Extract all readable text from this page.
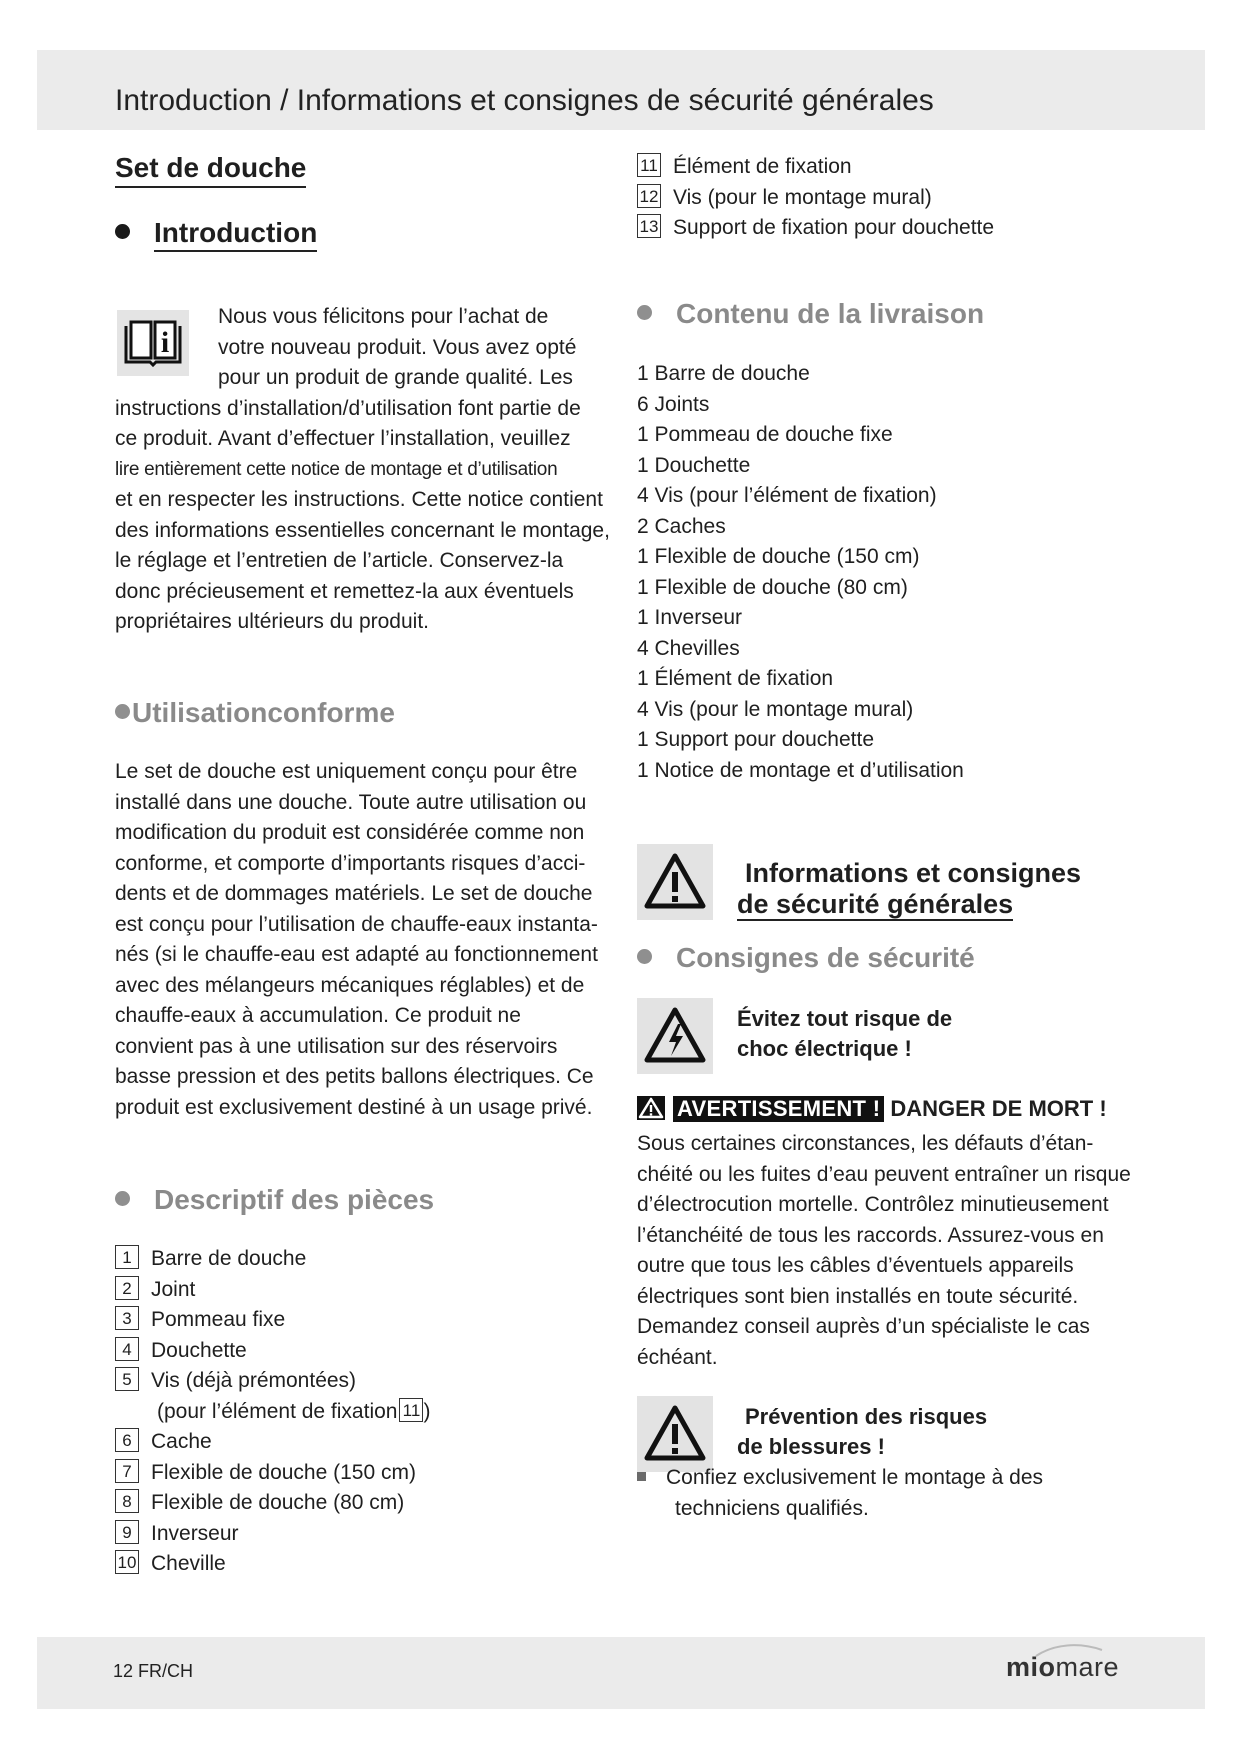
Introduction / Informations et consignes de sécurité générales
Set de douche
Introduction
i
Nous vous félicitons pour l’achat de
votre nouveau produit. Vous avez opté
pour un produit de grande qualité. Les
instructions d’installation/d’utilisation font partie de
ce produit. Avant d’effectuer l’installation, veuillez
lire entièrement cette notice de montage et d’utilisation
et en respecter les instructions. Cette notice contient
des informations essentielles concernant le montage,
le réglage et l’entretien de l’article. Conservez-la
donc précieusement et remettez-la aux éventuels
propriétaires ultérieurs du produit.
Utilisationconforme
Le set de douche est uniquement conçu pour être
installé dans une douche. Toute autre utilisation ou
modification du produit est considérée comme non
conforme, et comporte d’importants risques d’acci-
dents et de dommages matériels. Le set de douche
est conçu pour l’utilisation de chauffe-eaux instanta-
nés (si le chauffe-eau est adapté au fonctionnement
avec des mélangeurs mécaniques réglables) et de
chauffe-eaux à accumulation. Ce produit ne
convient pas à une utilisation sur des réservoirs
basse pression et des petits ballons électriques. Ce
produit est exclusivement destiné à un usage privé.
Descriptif des pièces
1 Barre de douche
2 Joint
3 Pommeau fixe
4 Douchette
5 Vis (déjà prémontées)
(pour l’élément de fixation 11 )
6 Cache
7 Flexible de douche (150 cm)
8 Flexible de douche (80 cm)
9 Inverseur
10 Cheville
11 Élément de fixation
12 Vis (pour le montage mural)
13 Support de fixation pour douchette
Contenu de la livraison
1 Barre de douche
6 Joints
1 Pommeau de douche fixe
1 Douchette
4 Vis (pour l’élément de fixation)
2 Caches
1 Flexible de douche (150 cm)
1 Flexible de douche (80 cm)
1 Inverseur
4 Chevilles
1 Élément de fixation
4 Vis (pour le montage mural)
1 Support pour douchette
1 Notice de montage et d’utilisation
Informations et consignes
de sécurité générales
Consignes de sécurité
Évitez tout risque de
choc électrique !
AVERTISSEMENT ! DANGER DE MORT !
Sous certaines circonstances, les défauts d’étan-
chéité ou les fuites d’eau peuvent entraîner un risque
d’électrocution mortelle. Contrôlez minutieusement
l’étanchéité de tous les raccords. Assurez-vous en
outre que tous les câbles d’éventuels appareils
électriques sont bien installés en toute sécurité.
Demandez conseil auprès d’un spécialiste le cas
échéant.
Prévention des risques
de blessures !
Confiez exclusivement le montage à des
techniciens qualifiés.
12 FR/CH	miomare
